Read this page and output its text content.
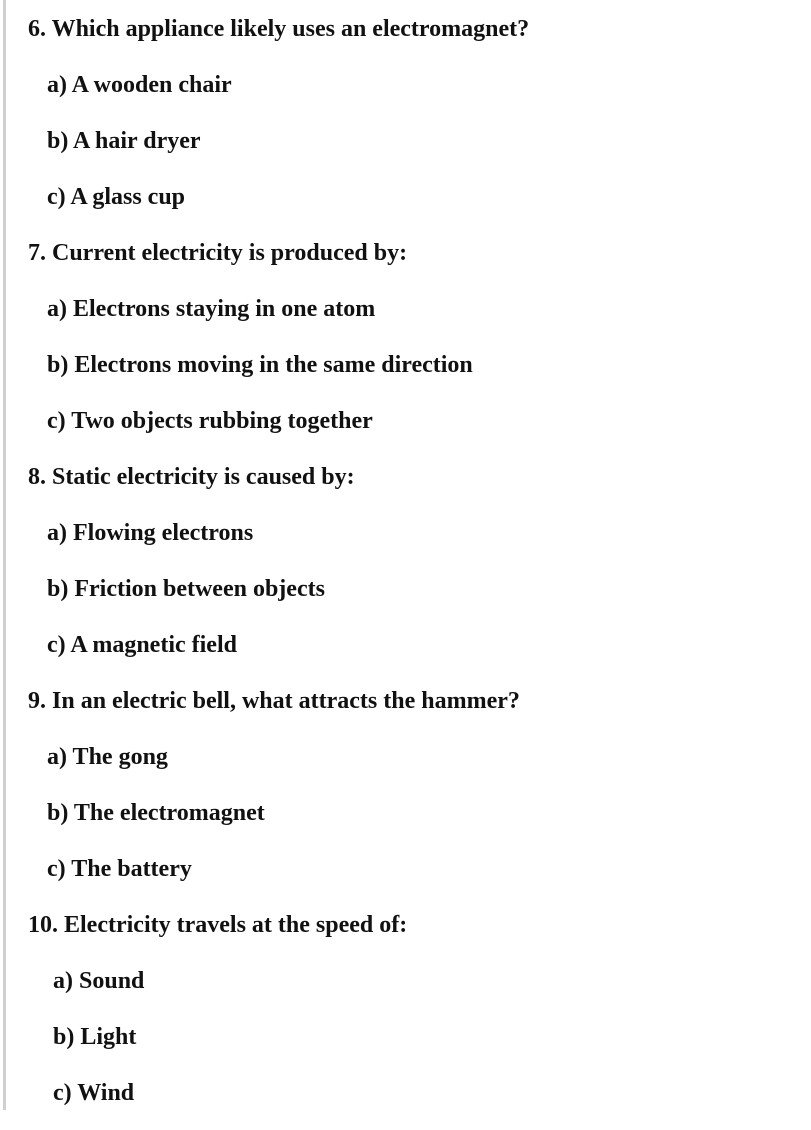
6. Which appliance likely uses an electromagnet?
a) A wooden chair
b) A hair dryer
c) A glass cup
7. Current electricity is produced by:
a) Electrons staying in one atom
b) Electrons moving in the same direction
c) Two objects rubbing together
8. Static electricity is caused by:
a) Flowing electrons
b) Friction between objects
c) A magnetic field
9. In an electric bell, what attracts the hammer?
a) The gong
b) The electromagnet
c) The battery
10. Electricity travels at the speed of:
a) Sound
b) Light
c) Wind
